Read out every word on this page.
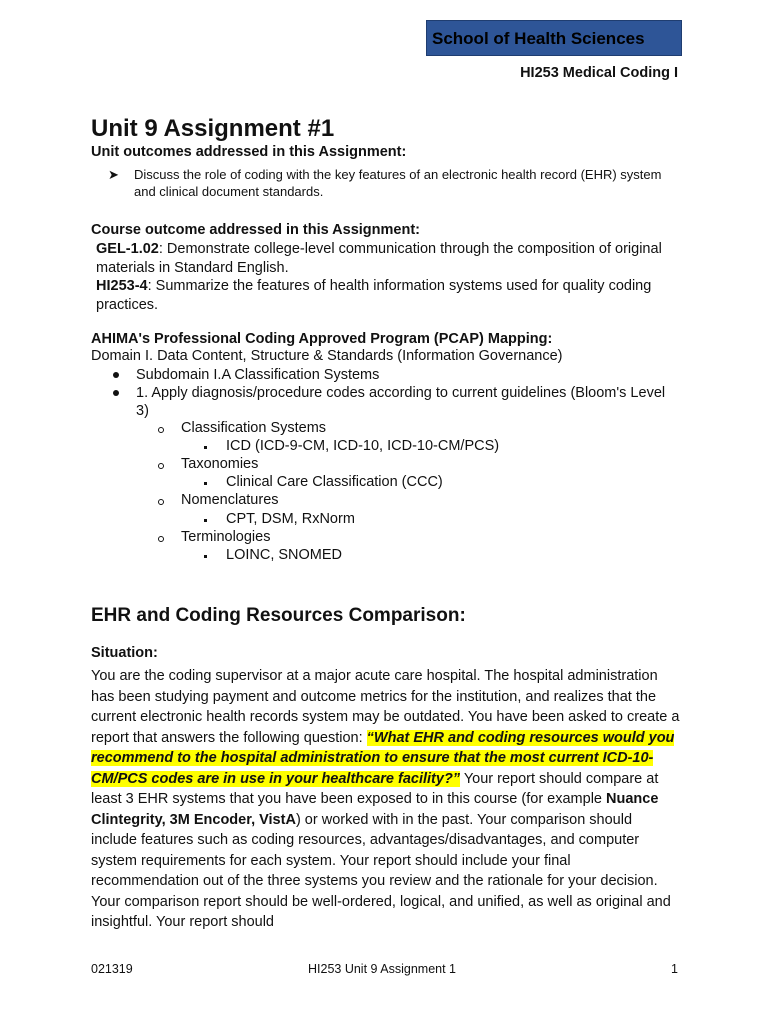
School of Health Sciences
HI253 Medical Coding I
Unit 9 Assignment #1
Unit outcomes addressed in this Assignment:
➤	Discuss the role of coding with the key features of an electronic health record (EHR) system and clinical document standards.
Course outcome addressed in this Assignment:
GEL-1.02: Demonstrate college-level communication through the composition of original materials in Standard English.
HI253-4: Summarize the features of health information systems used for quality coding practices.
AHIMA's Professional Coding Approved Program (PCAP) Mapping:
Domain I. Data Content, Structure & Standards (Information Governance)
Subdomain I.A Classification Systems
1. Apply diagnosis/procedure codes according to current guidelines (Bloom's Level 3)
Classification Systems
ICD (ICD-9-CM, ICD-10, ICD-10-CM/PCS)
Taxonomies
Clinical Care Classification (CCC)
Nomenclatures
CPT, DSM, RxNorm
Terminologies
LOINC, SNOMED
EHR and Coding Resources Comparison:
Situation:
You are the coding supervisor at a major acute care hospital. The hospital administration has been studying payment and outcome metrics for the institution, and realizes that the current electronic health records system may be outdated. You have been asked to create a report that answers the following question: “What EHR and coding resources would you recommend to the hospital administration to ensure that the most current ICD-10-CM/PCS codes are in use in your healthcare facility?” Your report should compare at least 3 EHR systems that you have been exposed to in this course (for example Nuance Clintegrity, 3M Encoder, VistA) or worked with in the past. Your comparison should include features such as coding resources, advantages/disadvantages, and computer system requirements for each system. Your report should include your final recommendation out of the three systems you review and the rationale for your decision. Your comparison report should be well-ordered, logical, and unified, as well as original and insightful. Your report should
021319	HI253 Unit 9 Assignment 1	1
